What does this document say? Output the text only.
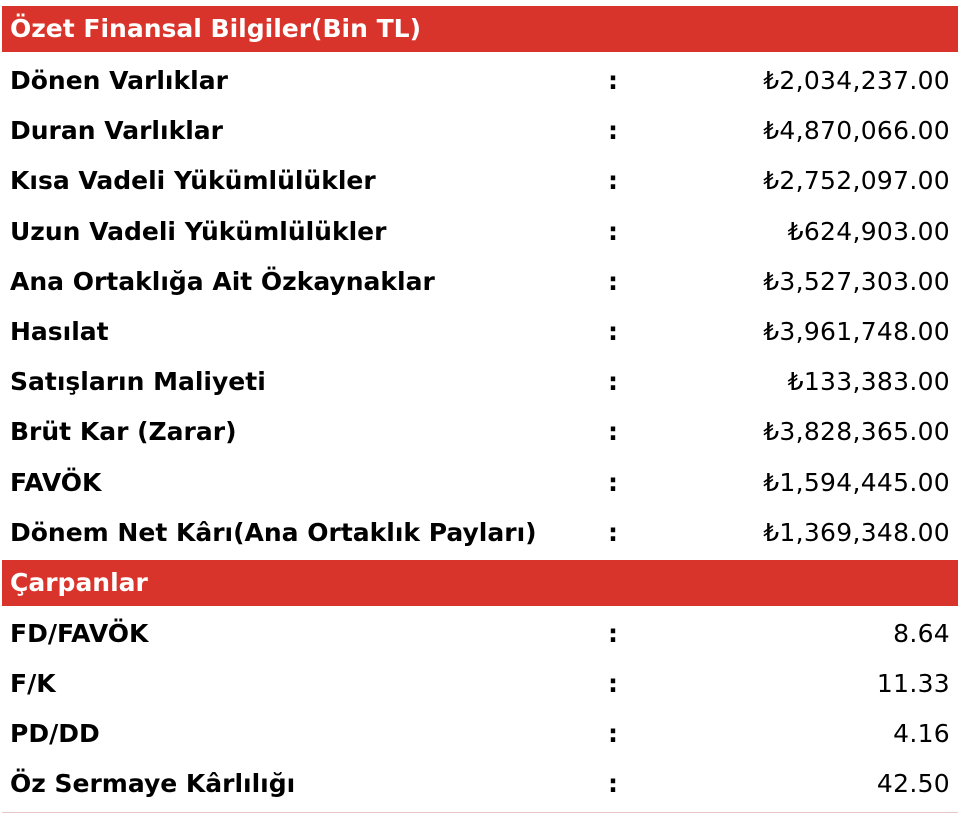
Özet Finansal Bilgiler(Bin TL)
Dönen Varlıklar	:	₺2,034,237.00
Duran Varlıklar	:	₺4,870,066.00
Kısa Vadeli Yükümlülükler	:	₺2,752,097.00
Uzun Vadeli Yükümlülükler	:	₺624,903.00
Ana Ortaklığa Ait Özkaynaklar	:	₺3,527,303.00
Hasılat	:	₺3,961,748.00
Satışların Maliyeti	:	₺133,383.00
Brüt Kar (Zarar)	:	₺3,828,365.00
FAVÖK	:	₺1,594,445.00
Dönem Net Kârı(Ana Ortaklık Payları)	:	₺1,369,348.00
Çarpanlar
FD/FAVÖK	:	8.64
F/K	:	11.33
PD/DD	:	4.16
Öz Sermaye Kârlılığı	:	42.50
